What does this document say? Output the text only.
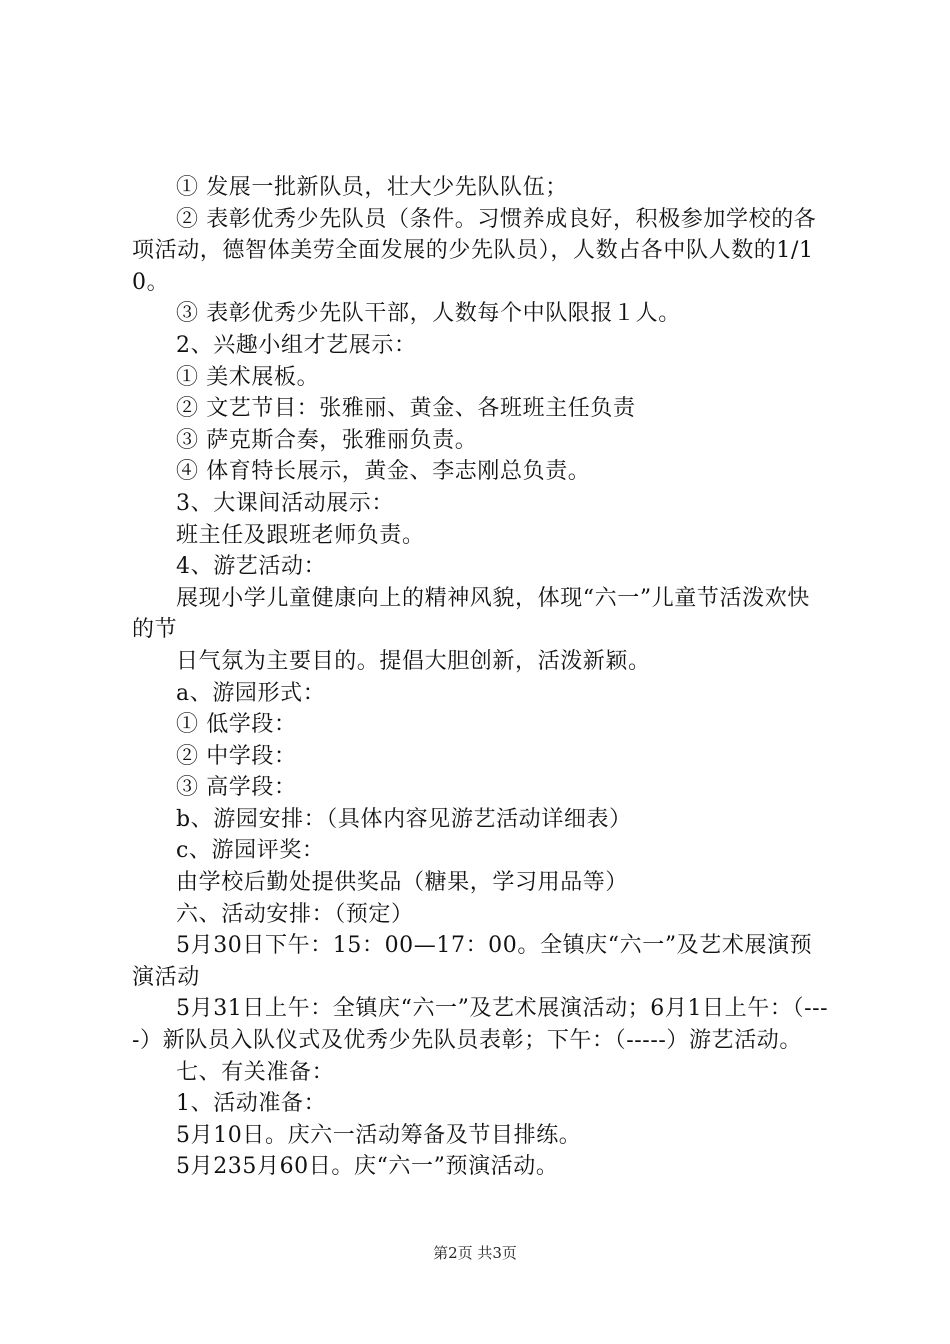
① 发展一批新队员，壮大少先队队伍；

② 表彰优秀少先队员（条件。习惯养成良好，积极参加学校的各项活动，德智体美劳全面发展的少先队员），人数占各中队人数的1/10。

③ 表彰优秀少先队干部，人数每个中队限报１人。

2、兴趣小组才艺展示：

① 美术展板。

② 文艺节目：张雅丽、黄金、各班班主任负责

③ 萨克斯合奏，张雅丽负责。

④ 体育特长展示，黄金、李志刚总负责。

3、大课间活动展示：

班主任及跟班老师负责。

4、游艺活动：

展现小学儿童健康向上的精神风貌，体现“六一”儿童节活泼欢快的节

日气氛为主要目的。提倡大胆创新，活泼新颖。

a、游园形式：

① 低学段：

② 中学段：

③ 高学段：

b、游园安排：（具体内容见游艺活动详细表）

c、游园评奖：

由学校后勤处提供奖品（糖果，学习用品等）

六、活动安排：（预定）

5月30日下午：15：00—17：00。全镇庆“六一”及艺术展演预演活动

5月31日上午：全镇庆“六一”及艺术展演活动；6月1日上午：（----）新队员入队仪式及优秀少先队员表彰；下午：（-----）游艺活动。

七、有关准备：

1、活动准备：

5月10日。庆六一活动筹备及节目排练。

5月235月60日。庆“六一”预演活动。

第2页 共3页
